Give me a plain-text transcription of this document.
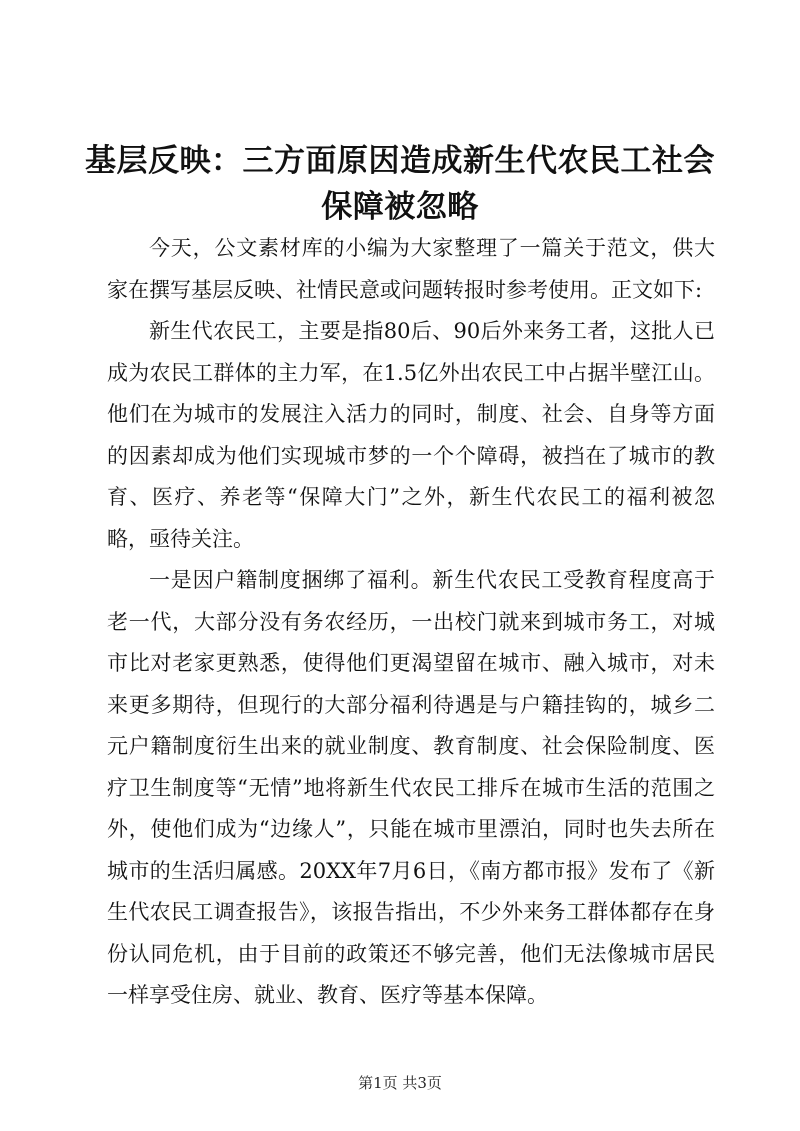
基层反映：三方面原因造成新生代农民工社会保障被忽略

今天，公文素材库的小编为大家整理了一篇关于范文，供大家在撰写基层反映、社情民意或问题转报时参考使用。正文如下:

新生代农民工，主要是指80后、90后外来务工者，这批人已成为农民工群体的主力军，在1.5亿外出农民工中占据半壁江山。他们在为城市的发展注入活力的同时，制度、社会、自身等方面的因素却成为他们实现城市梦的一个个障碍，被挡在了城市的教育、医疗、养老等“保障大门”之外，新生代农民工的福利被忽略，亟待关注。

一是因户籍制度捆绑了福利。新生代农民工受教育程度高于老一代，大部分没有务农经历，一出校门就来到城市务工，对城市比对老家更熟悉，使得他们更渴望留在城市、融入城市，对未来更多期待，但现行的大部分福利待遇是与户籍挂钩的，城乡二元户籍制度衍生出来的就业制度、教育制度、社会保险制度、医疗卫生制度等“无情”地将新生代农民工排斥在城市生活的范围之外，使他们成为“边缘人”，只能在城市里漂泊，同时也失去所在城市的生活归属感。20XX年7月6日，《南方都市报》发布了《新生代农民工调查报告》，该报告指出，不少外来务工群体都存在身份认同危机，由于目前的政策还不够完善，他们无法像城市居民一样享受住房、就业、教育、医疗等基本保障。

第1页 共3页
